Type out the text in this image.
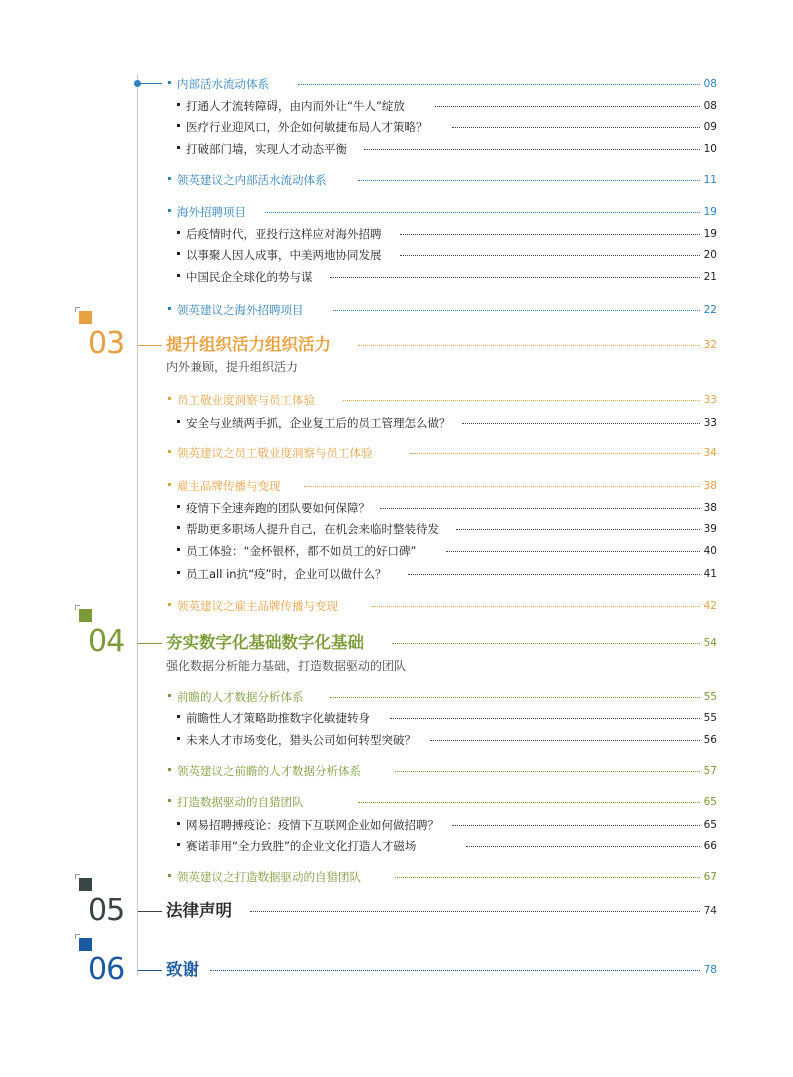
内部活水流动体系	08
打通人才流转障碍，由内而外让“牛人”绽放	08
医疗行业迎风口，外企如何敏捷布局人才策略？	09
打破部门墙，实现人才动态平衡	10
领英建议之内部活水流动体系	11
海外招聘项目	19
后疫情时代，亚投行这样应对海外招聘	19
以事聚人因人成事，中美两地协同发展	20
中国民企全球化的势与谋	21
领英建议之海外招聘项目	22
03	提升组织活力组织活力	32
内外兼顾，提升组织活力
员工敬业度洞察与员工体验	33
安全与业绩两手抓，企业复工后的员工管理怎么做？	33
领英建议之员工敬业度洞察与员工体验	34
雇主品牌传播与变现	38
疫情下全速奔跑的团队要如何保障？	38
帮助更多职场人提升自己，在机会来临时整装待发	39
员工体验：“金杯银杯，都不如员工的好口碑”	40
员工all in抗“疫”时，企业可以做什么？	41
领英建议之雇主品牌传播与变现	42
04	夯实数字化基础数字化基础	54
强化数据分析能力基础，打造数据驱动的团队
前瞻的人才数据分析体系	55
前瞻性人才策略助推数字化敏捷转身	55
未来人才市场变化，猎头公司如何转型突破？	56
领英建议之前瞻的人才数据分析体系	57
打造数据驱动的自猎团队	65
网易招聘搏疫论：疫情下互联网企业如何做招聘？	65
赛诺菲用“全力致胜”的企业文化打造人才磁场	66
领英建议之打造数据驱动的自猎团队	67
05	法律声明	74
06	致谢	78
